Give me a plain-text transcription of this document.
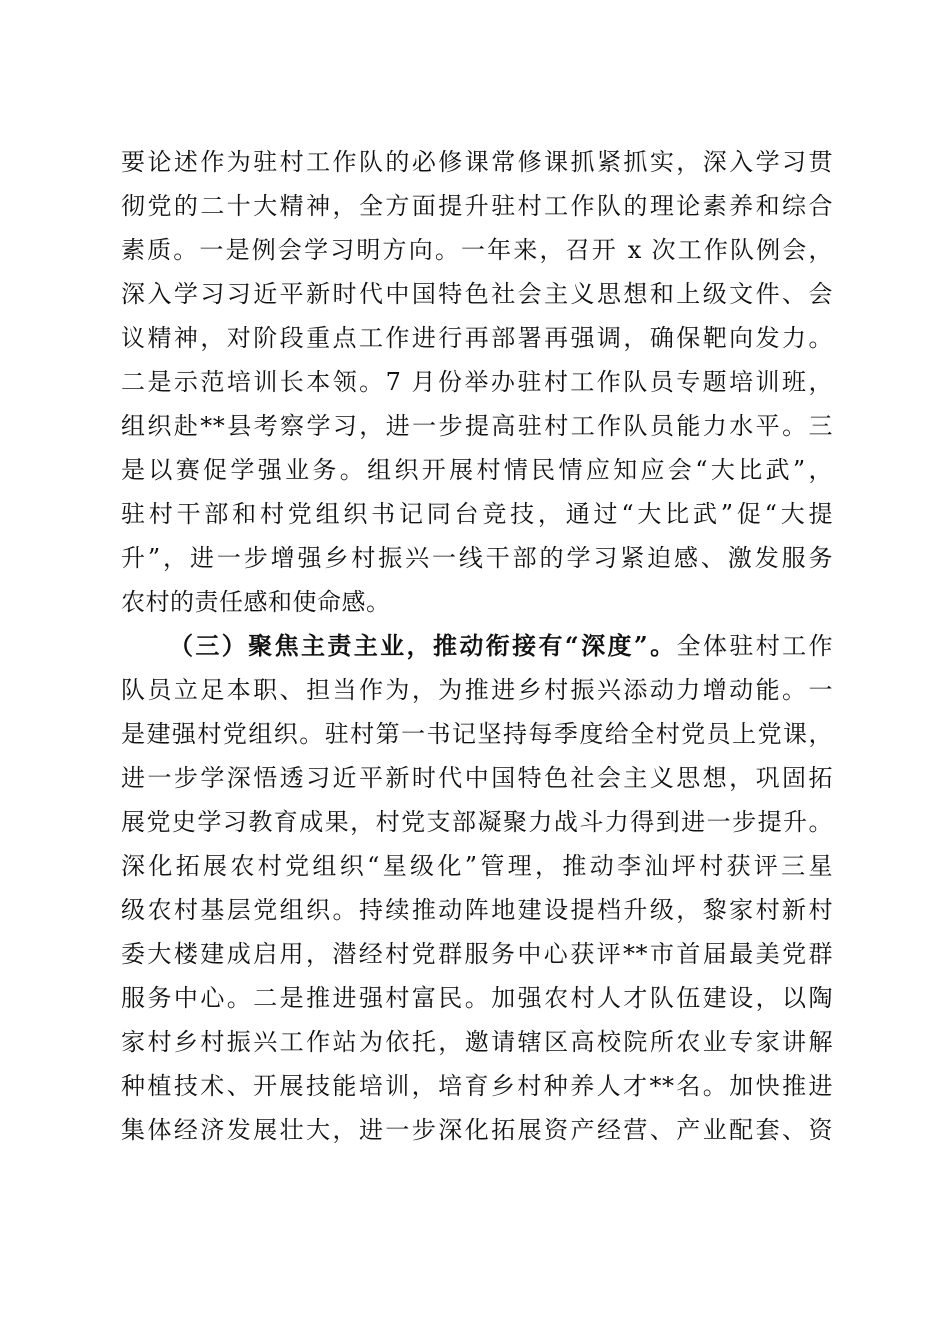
要论述作为驻村工作队的必修课常修课抓紧抓实，深入学习贯
彻党的二十大精神，全方面提升驻村工作队的理论素养和综合
素质。一是例会学习明方向。一年来，召开 x 次工作队例会，
深入学习习近平新时代中国特色社会主义思想和上级文件、会
议精神，对阶段重点工作进行再部署再强调，确保靶向发力。
二是示范培训长本领。7 月份举办驻村工作队员专题培训班，
组织赴**县考察学习，进一步提高驻村工作队员能力水平。三
是以赛促学强业务。组织开展村情民情应知应会“大比武”，
驻村干部和村党组织书记同台竞技，通过“大比武”促“大提
升”，进一步增强乡村振兴一线干部的学习紧迫感、激发服务
农村的责任感和使命感。
（三）聚焦主责主业，推动衔接有“深度”。全体驻村工作
队员立足本职、担当作为，为推进乡村振兴添动力增动能。一
是建强村党组织。驻村第一书记坚持每季度给全村党员上党课，
进一步学深悟透习近平新时代中国特色社会主义思想，巩固拓
展党史学习教育成果，村党支部凝聚力战斗力得到进一步提升。
深化拓展农村党组织“星级化”管理，推动李汕坪村获评三星
级农村基层党组织。持续推动阵地建设提档升级，黎家村新村
委大楼建成启用，潜经村党群服务中心获评**市首届最美党群
服务中心。二是推进强村富民。加强农村人才队伍建设，以陶
家村乡村振兴工作站为依托，邀请辖区高校院所农业专家讲解
种植技术、开展技能培训，培育乡村种养人才**名。加快推进
集体经济发展壮大，进一步深化拓展资产经营、产业配套、资
